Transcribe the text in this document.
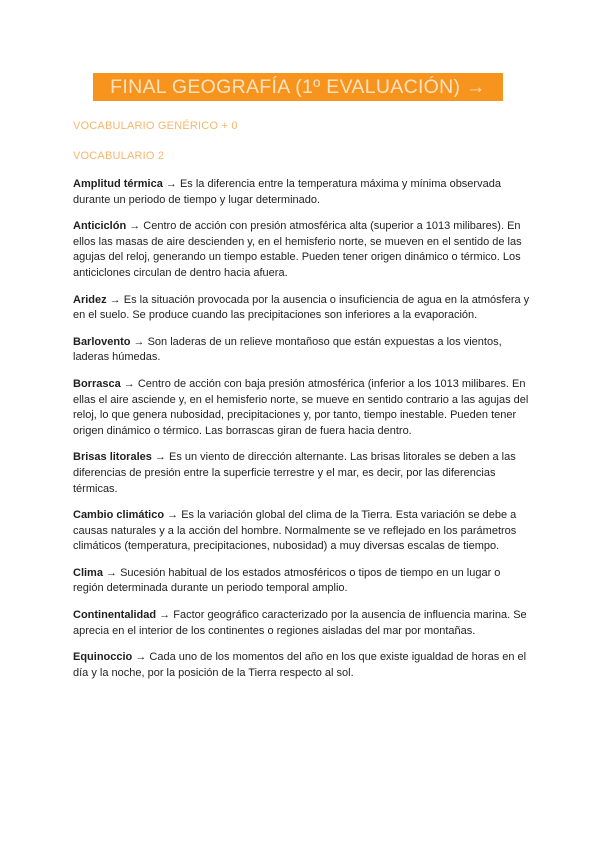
FINAL GEOGRAFÍA (1º EVALUACIÓN) →
VOCABULARIO GENÉRICO + 0
VOCABULARIO 2

Amplitud térmica → Es la diferencia entre la temperatura máxima y mínima observada durante un periodo de tiempo y lugar determinado.

Anticiclón → Centro de acción con presión atmosférica alta (superior a 1013 milibares). En ellos las masas de aire descienden y, en el hemisferio norte, se mueven en el sentido de las agujas del reloj, generando un tiempo estable. Pueden tener origen dinámico o térmico. Los anticiclones circulan de dentro hacia afuera.

Aridez → Es la situación provocada por la ausencia o insuficiencia de agua en la atmósfera y en el suelo. Se produce cuando las precipitaciones son inferiores a la evaporación.

Barlovento → Son laderas de un relieve montañoso que están expuestas a los vientos, laderas húmedas.

Borrasca → Centro de acción con baja presión atmosférica (inferior a los 1013 milibares. En ellas el aire asciende y, en el hemisferio norte, se mueve en sentido contrario a las agujas del reloj, lo que genera nubosidad, precipitaciones y, por tanto, tiempo inestable. Pueden tener origen dinámico o térmico. Las borrascas giran de fuera hacia dentro.

Brisas litorales → Es un viento de dirección alternante. Las brisas litorales se deben a las diferencias de presión entre la superficie terrestre y el mar, es decir, por las diferencias térmicas.

Cambio climático → Es la variación global del clima de la Tierra. Esta variación se debe a causas naturales y a la acción del hombre. Normalmente se ve reflejado en los parámetros climáticos (temperatura, precipitaciones, nubosidad) a muy diversas escalas de tiempo.

Clima → Sucesión habitual de los estados atmosféricos o tipos de tiempo en un lugar o región determinada durante un periodo temporal amplio.

Continentalidad → Factor geográfico caracterizado por la ausencia de influencia marina. Se aprecia en el interior de los continentes o regiones aisladas del mar por montañas.

Equinoccio → Cada uno de los momentos del año en los que existe igualdad de horas en el día y la noche, por la posición de la Tierra respecto al sol.
